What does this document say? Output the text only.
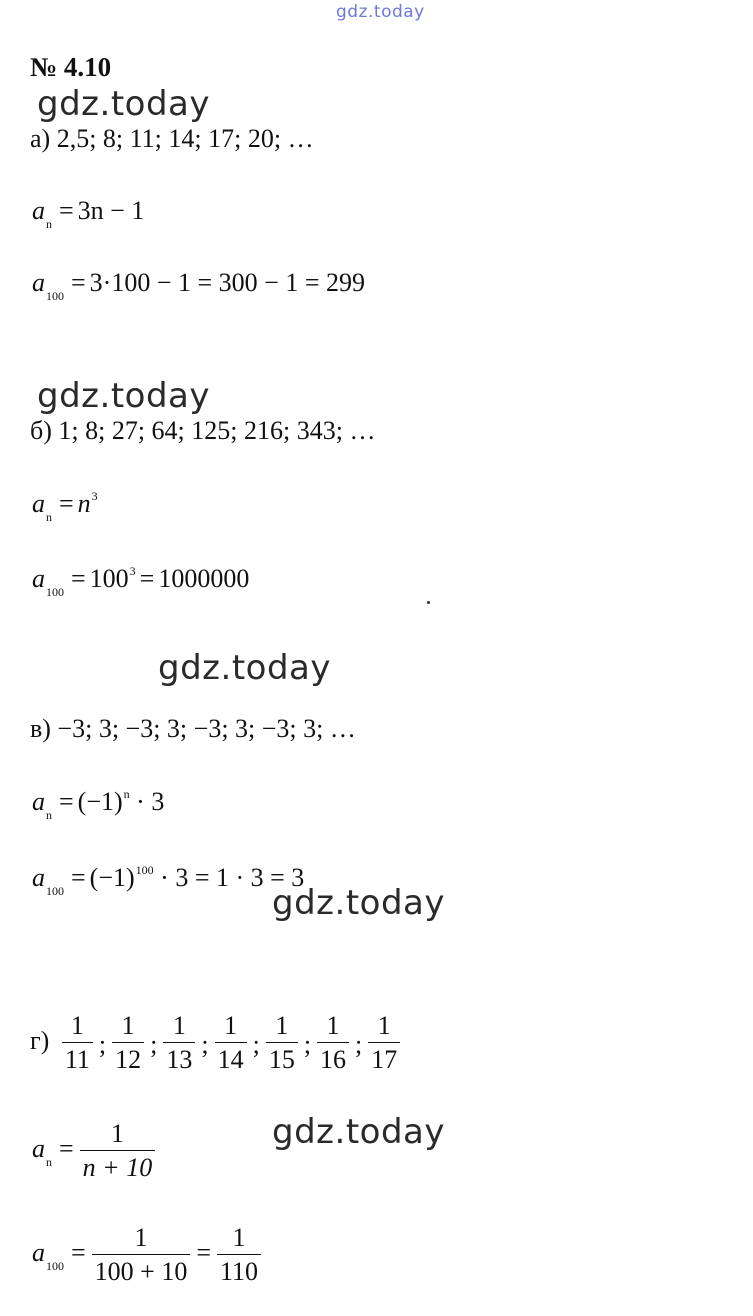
gdz.today
№ 4.10
gdz.today
gdz.today
gdz.today
gdz.today
gdz.today
а) 2,5; 8; 11; 14; 17; 20; …
$a_n = 3n - 1$
$a_{100} = 3\cdot 100 - 1 = 300 - 1 = 299$
б) 1; 8; 27; 64; 125; 216; 343; …
$a_n = n^3$
$a_{100} = 100^3 = 1000000$
в) −3; 3; −3; 3; −3; 3; −3; 3; …
$a_n = (-1)^n \cdot 3$
$a_{100} = (-1)^{100} \cdot 3 = 1 \cdot 3 = 3$
$г) \frac{1}{11}$ ; $\frac{1}{12}$ ; $\frac{1}{13}$ ; $\frac{1}{14}$ ; $\frac{1}{15}$ ; $\frac{1}{16}$ ; $\frac{1}{17}$
$a_n = \frac{1}{n + 10}$
$a_{100} = \frac{1}{100 + 10} = \frac{1}{110}$
